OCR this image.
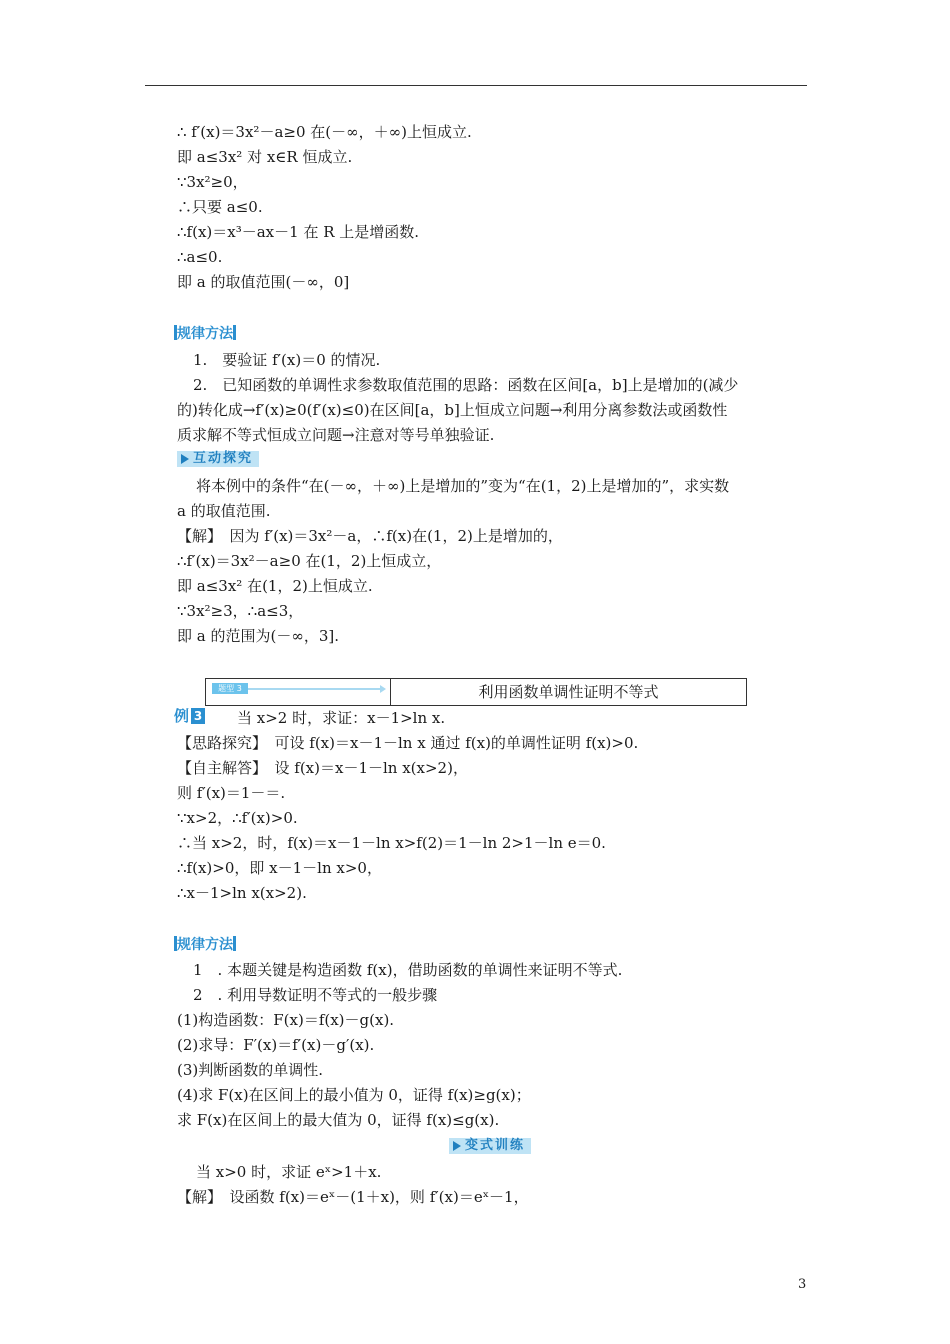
∴ f′(x)＝3x²－a≥0 在(－∞，＋∞)上恒成立.
即 a≤3x² 对 x∈R 恒成立.
∵3x²≥0，
∴只要 a≤0.
∴f(x)＝x³－ax－1 在 R 上是增函数.
∴a≤0.
即 a 的取值范围(－∞，0]
规律方法
1.　要验证 f′(x)＝0 的情况.
2.　已知函数的单调性求参数取值范围的思路：函数在区间[a，b]上是增加的(减少
的)转化成→f′(x)≥0(f′(x)≤0)在区间[a，b]上恒成立问题→利用分离参数法或函数性
质求解不等式恒成立问题→注意对等号单独验证.
互动探究
将本例中的条件“在(－∞，＋∞)上是增加的”变为“在(1，2)上是增加的”，求实数
a 的取值范围.
【解】　因为 f′(x)＝3x²－a，∴f(x)在(1，2)上是增加的，
∴f′(x)＝3x²－a≥0 在(1，2)上恒成立，
即 a≤3x² 在(1，2)上恒成立.
∵3x²≥3，∴a≤3，
即 a 的范围为(－∞，3].
题型 3	利用函数单调性证明不等式
例 3 　当 x>2 时，求证：x－1>ln x.
【思路探究】　可设 f(x)＝x－1－ln x 通过 f(x)的单调性证明 f(x)>0.
【自主解答】　设 f(x)＝x－1－ln x(x>2)，
则 f′(x)＝1－＝.
∵x>2，∴f′(x)>0.
∴当 x>2，时，f(x)＝x－1－ln x>f(2)＝1－ln 2>1－ln e＝0.
∴f(x)>0，即 x－1－ln x>0，
∴x－1>ln x(x>2).
规律方法
1　. 本题关键是构造函数 f(x)，借助函数的单调性来证明不等式.
2　. 利用导数证明不等式的一般步骤
(1)构造函数：F(x)＝f(x)－g(x).
(2)求导：F′(x)＝f′(x)－g′(x).
(3)判断函数的单调性.
(4)求 F(x)在区间上的最小值为 0，证得 f(x)≥g(x)；
求 F(x)在区间上的最大值为 0，证得 f(x)≤g(x).
变式训练
当 x>0 时，求证 eˣ>1＋x.
【解】　设函数 f(x)＝eˣ－(1＋x)，则 f′(x)＝eˣ－1，
3
